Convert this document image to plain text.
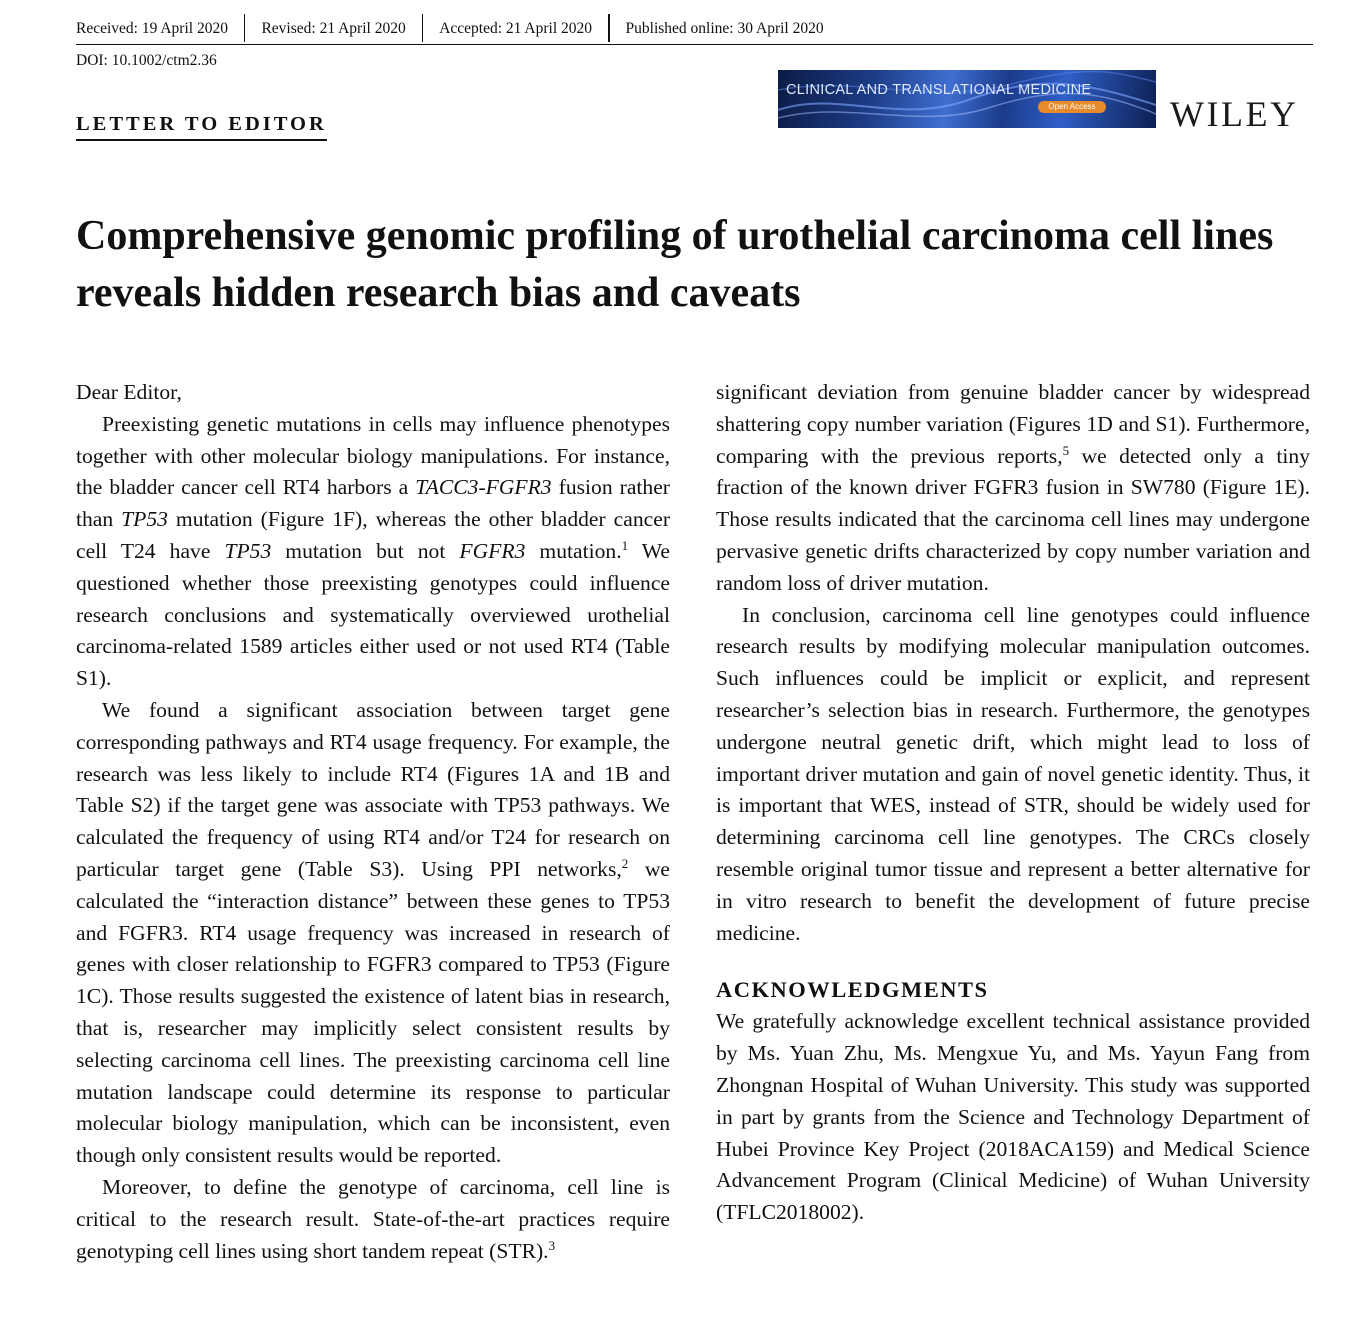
Received: 19 April 2020	Revised: 21 April 2020	Accepted: 21 April 2020	Published online: 30 April 2020
DOI: 10.1002/ctm2.36
LETTER TO EDITOR
CLINICAL AND TRANSLATIONAL MEDICINE
Open Access WILEY
Comprehensive genomic profiling of urothelial carcinoma cell lines reveals hidden research bias and caveats

Dear Editor,

Preexisting genetic mutations in cells may influence phenotypes together with other molecular biology manipulations. For instance, the bladder cancer cell RT4 harbors a TACC3-FGFR3 fusion rather than TP53 mutation (Figure 1F), whereas the other bladder cancer cell T24 have TP53 mutation but not FGFR3 mutation.$^1$ We questioned whether those preexisting genotypes could influence research conclusions and systematically overviewed urothelial carcinoma-related 1589 articles either used or not used RT4 (Table S1).

We found a significant association between target gene corresponding pathways and RT4 usage frequency. For example, the research was less likely to include RT4 (Figures 1A and 1B and Table S2) if the target gene was associate with TP53 pathways. We calculated the frequency of using RT4 and/or T24 for research on particular target gene (Table S3). Using PPI networks,$^2$ we calculated the “interaction distance” between these genes to TP53 and FGFR3. RT4 usage frequency was increased in research of genes with closer relationship to FGFR3 compared to TP53 (Figure 1C). Those results suggested the existence of latent bias in research, that is, researcher may implicitly select consistent results by selecting carcinoma cell lines. The preexisting carcinoma cell line mutation landscape could determine its response to particular molecular biology manipulation, which can be inconsistent, even though only consistent results would be reported.

Moreover, to define the genotype of carcinoma, cell line is critical to the research result. State-of-the-art practices require genotyping cell lines using short tandem repeat (STR).$^3$

significant deviation from genuine bladder cancer by widespread shattering copy number variation (Figures 1D and S1). Furthermore, comparing with the previous reports,$^5$ we detected only a tiny fraction of the known driver FGFR3 fusion in SW780 (Figure 1E). Those results indicated that the carcinoma cell lines may undergone pervasive genetic drifts characterized by copy number variation and random loss of driver mutation.

In conclusion, carcinoma cell line genotypes could influence research results by modifying molecular manipulation outcomes. Such influences could be implicit or explicit, and represent researcher’s selection bias in research. Furthermore, the genotypes undergone neutral genetic drift, which might lead to loss of important driver mutation and gain of novel genetic identity. Thus, it is important that WES, instead of STR, should be widely used for determining carcinoma cell line genotypes. The CRCs closely resemble original tumor tissue and represent a better alternative for in vitro research to benefit the development of future precise medicine.

ACKNOWLEDGMENTS

We gratefully acknowledge excellent technical assistance provided by Ms. Yuan Zhu, Ms. Mengxue Yu, and Ms. Yayun Fang from Zhongnan Hospital of Wuhan University. This study was supported in part by grants from the Science and Technology Department of Hubei Province Key Project (2018ACA159) and Medical Science Advancement Program (Clinical Medicine) of Wuhan University (TFLC2018002).
